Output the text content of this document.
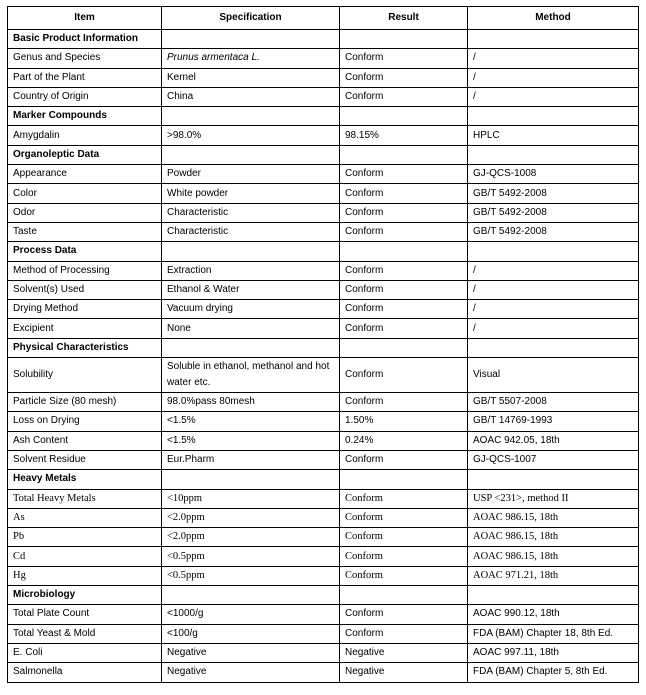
Item	Specification	Result	Method
Basic Product Information			
Genus and Species	Prunus armentaca L.	Conform	/
Part of the Plant	Kernel	Conform	/
Country of Origin	China	Conform	/
Marker Compounds			
Amygdalin	>98.0%	98.15%	HPLC
Organoleptic Data			
Appearance	Powder	Conform	GJ-QCS-1008
Color	White powder	Conform	GB/T 5492-2008
Odor	Characteristic	Conform	GB/T 5492-2008
Taste	Characteristic	Conform	GB/T 5492-2008
Process Data			
Method of Processing	Extraction	Conform	/
Solvent(s) Used	Ethanol & Water	Conform	/
Drying Method	Vacuum drying	Conform	/
Excipient	None	Conform	/
Physical Characteristics			
Solubility	Soluble in ethanol, methanol and hot water etc.	Conform	Visual
Particle Size (80 mesh)	98.0%pass 80mesh	Conform	GB/T 5507-2008
Loss on Drying	<1.5%	1.50%	GB/T 14769-1993
Ash Content	<1.5%	0.24%	AOAC 942.05, 18th
Solvent Residue	Eur.Pharm	Conform	GJ-QCS-1007
Heavy Metals			
Total Heavy Metals	<10ppm	Conform	USP <231>, method II
As	<2.0ppm	Conform	AOAC 986.15, 18th
Pb	<2.0ppm	Conform	AOAC 986.15, 18th
Cd	<0.5ppm	Conform	AOAC 986.15, 18th
Hg	<0.5ppm	Conform	AOAC 971.21, 18th
Microbiology			
Total Plate Count	<1000/g	Conform	AOAC 990.12, 18th
Total Yeast & Mold	<100/g	Conform	FDA (BAM) Chapter 18, 8th Ed.
E. Coli	Negative	Negative	AOAC 997.11, 18th
Salmonella	Negative	Negative	FDA (BAM) Chapter 5, 8th Ed.
